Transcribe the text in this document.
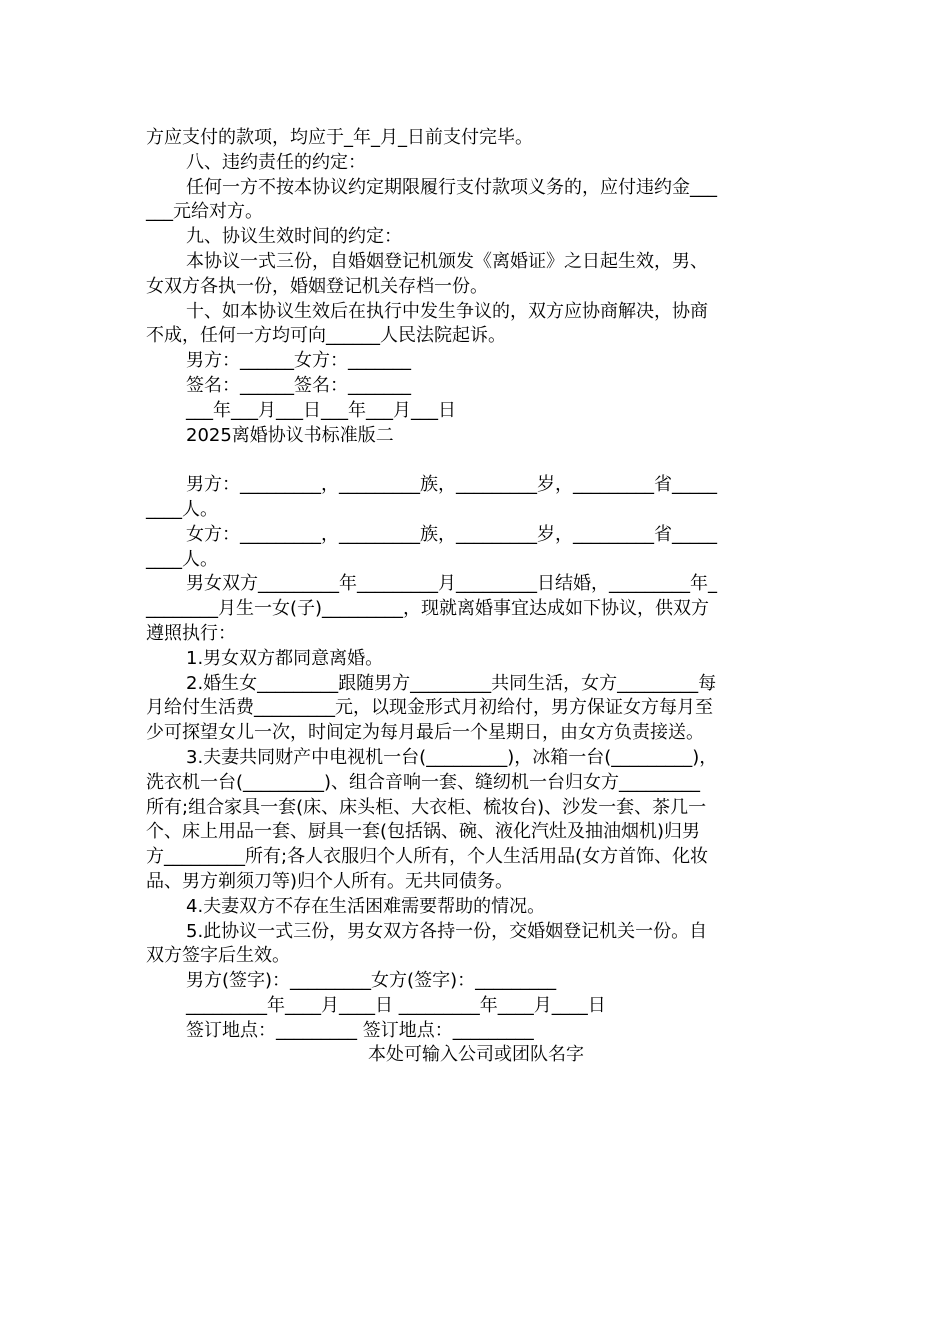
方应支付的款项，均应于_年_月_日前支付完毕。
八、违约责任的约定：
任何一方不按本协议约定期限履行支付款项义务的，应付违约金___
___元给对方。
九、协议生效时间的约定：
本协议一式三份，自婚姻登记机颁发《离婚证》之日起生效，男、
女双方各执一份，婚姻登记机关存档一份。
十、如本协议生效后在执行中发生争议的，双方应协商解决，协商
不成，任何一方均可向______人民法院起诉。
男方：______女方：_______
签名：______签名：_______
___年___月___日___年___月___日
2025离婚协议书标准版二
男方：_________，_________族，_________岁，_________省_____
____人。
女方：_________，_________族，_________岁，_________省_____
____人。
男女双方_________年_________月_________日结婚，_________年_
________月生一女(子)_________，现就离婚事宜达成如下协议，供双方
遵照执行：
1.男女双方都同意离婚。
2.婚生女_________跟随男方_________共同生活，女方_________每
月给付生活费_________元，以现金形式月初给付，男方保证女方每月至
少可探望女儿一次，时间定为每月最后一个星期日，由女方负责接送。
3.夫妻共同财产中电视机一台(_________)，冰箱一台(_________)，
洗衣机一台(_________)、组合音响一套、缝纫机一台归女方_________
所有;组合家具一套(床、床头柜、大衣柜、梳妆台)、沙发一套、茶几一
个、床上用品一套、厨具一套(包括锅、碗、液化汽灶及抽油烟机)归男
方_________所有;各人衣服归个人所有，个人生活用品(女方首饰、化妆
品、男方剃须刀等)归个人所有。无共同债务。
4.夫妻双方不存在生活困难需要帮助的情况。
5.此协议一式三份，男女双方各持一份，交婚姻登记机关一份。自
双方签字后生效。
男方(签字)：_________女方(签字)：_________
_________年____月____日 _________年____月____日
签订地点：_________ 签订地点：_________
本处可输入公司或团队名字
